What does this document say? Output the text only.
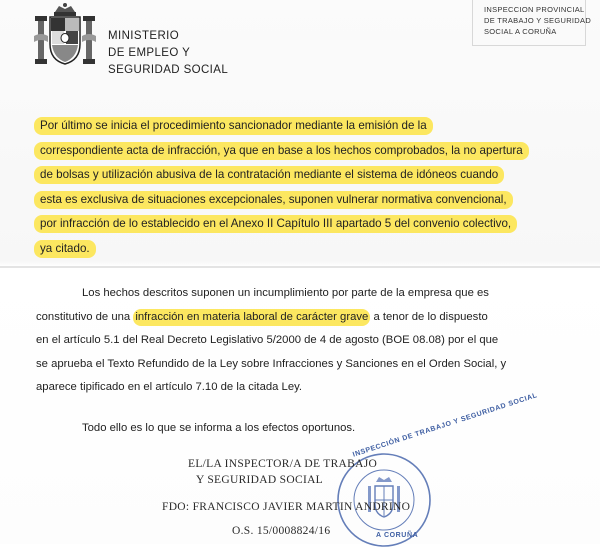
MINISTERIO
DE EMPLEO Y
SEGURIDAD SOCIAL
INSPECCION PROVINCIAL
DE TRABAJO Y SEGURIDAD
SOCIAL A CORUÑA
Por último se inicia el procedimiento sancionador mediante la emisión de la
correspondiente acta de infracción, ya que en base a los hechos comprobados, la no apertura
de bolsas y utilización abusiva de la contratación mediante el sistema de idóneos cuando
esta es exclusiva de situaciones excepcionales, suponen vulnerar normativa convencional,
por infracción de lo establecido en el Anexo II Capítulo III apartado 5 del convenio colectivo,
ya citado.
Los hechos descritos suponen un incumplimiento por parte de la empresa que es
constitutivo de una infracción en materia laboral de carácter grave a tenor de lo dispuesto
en el artículo 5.1 del Real Decreto Legislativo 5/2000 de 4 de agosto (BOE 08.08) por el que
se aprueba el Texto Refundido de la Ley sobre Infracciones y Sanciones en el Orden Social, y
aparece tipificado en el artículo 7.10 de la citada Ley.
Todo ello es lo que se informa a los efectos oportunos.
INSPECCIÓN DE TRABAJO Y SEGURIDAD SOCIAL
A CORUÑA
EL/LA INSPECTOR/A DE TRABAJO
Y SEGURIDAD SOCIAL
FDO: FRANCISCO JAVIER MARTIN ANDRINO
O.S. 15/0008824/16
